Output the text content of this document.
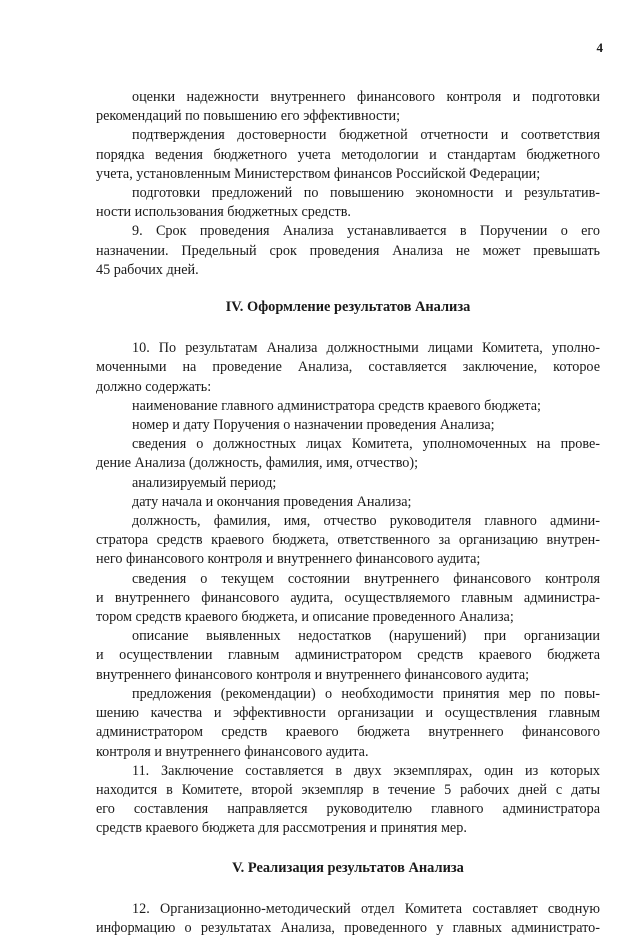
4

оценки надежности внутреннего финансового контроля и подготовки
рекомендаций по повышению его эффективности;

подтверждения достоверности бюджетной отчетности и соответствия
порядка ведения бюджетного учета методологии и стандартам бюджетного
учета, установленным Министерством финансов Российской Федерации;

подготовки предложений по повышению экономности и результатив-
ности использования бюджетных средств.

9. Срок проведения Анализа устанавливается в Поручении о его
назначении. Предельный срок проведения Анализа не может превышать
45 рабочих дней.

IV. Оформление результатов Анализа

10. По результатам Анализа должностными лицами Комитета, уполно-
моченными на проведение Анализа, составляется заключение, которое
должно содержать:

наименование главного администратора средств краевого бюджета;

номер и дату Поручения о назначении проведения Анализа;

сведения о должностных лицах Комитета, уполномоченных на прове-
дение Анализа (должность, фамилия, имя, отчество);

анализируемый период;

дату начала и окончания проведения Анализа;

должность, фамилия, имя, отчество руководителя главного админи-
стратора средств краевого бюджета, ответственного за организацию внутрен-
него финансового контроля и внутреннего финансового аудита;

сведения о текущем состоянии внутреннего финансового контроля
и внутреннего финансового аудита, осуществляемого главным администра-
тором средств краевого бюджета, и описание проведенного Анализа;

описание выявленных недостатков (нарушений) при организации
и осуществлении главным администратором средств краевого бюджета
внутреннего финансового контроля и внутреннего финансового аудита;

предложения (рекомендации) о необходимости принятия мер по повы-
шению качества и эффективности организации и осуществления главным
администратором средств краевого бюджета внутреннего финансового
контроля и внутреннего финансового аудита.

11. Заключение составляется в двух экземплярах, один из которых
находится в Комитете, второй экземпляр в течение 5 рабочих дней с даты
его составления направляется руководителю главного администратора
средств краевого бюджета для рассмотрения и принятия мер.

V. Реализация результатов Анализа

12. Организационно-методический отдел Комитета составляет сводную
информацию о результатах Анализа, проведенного у главных администрато-
